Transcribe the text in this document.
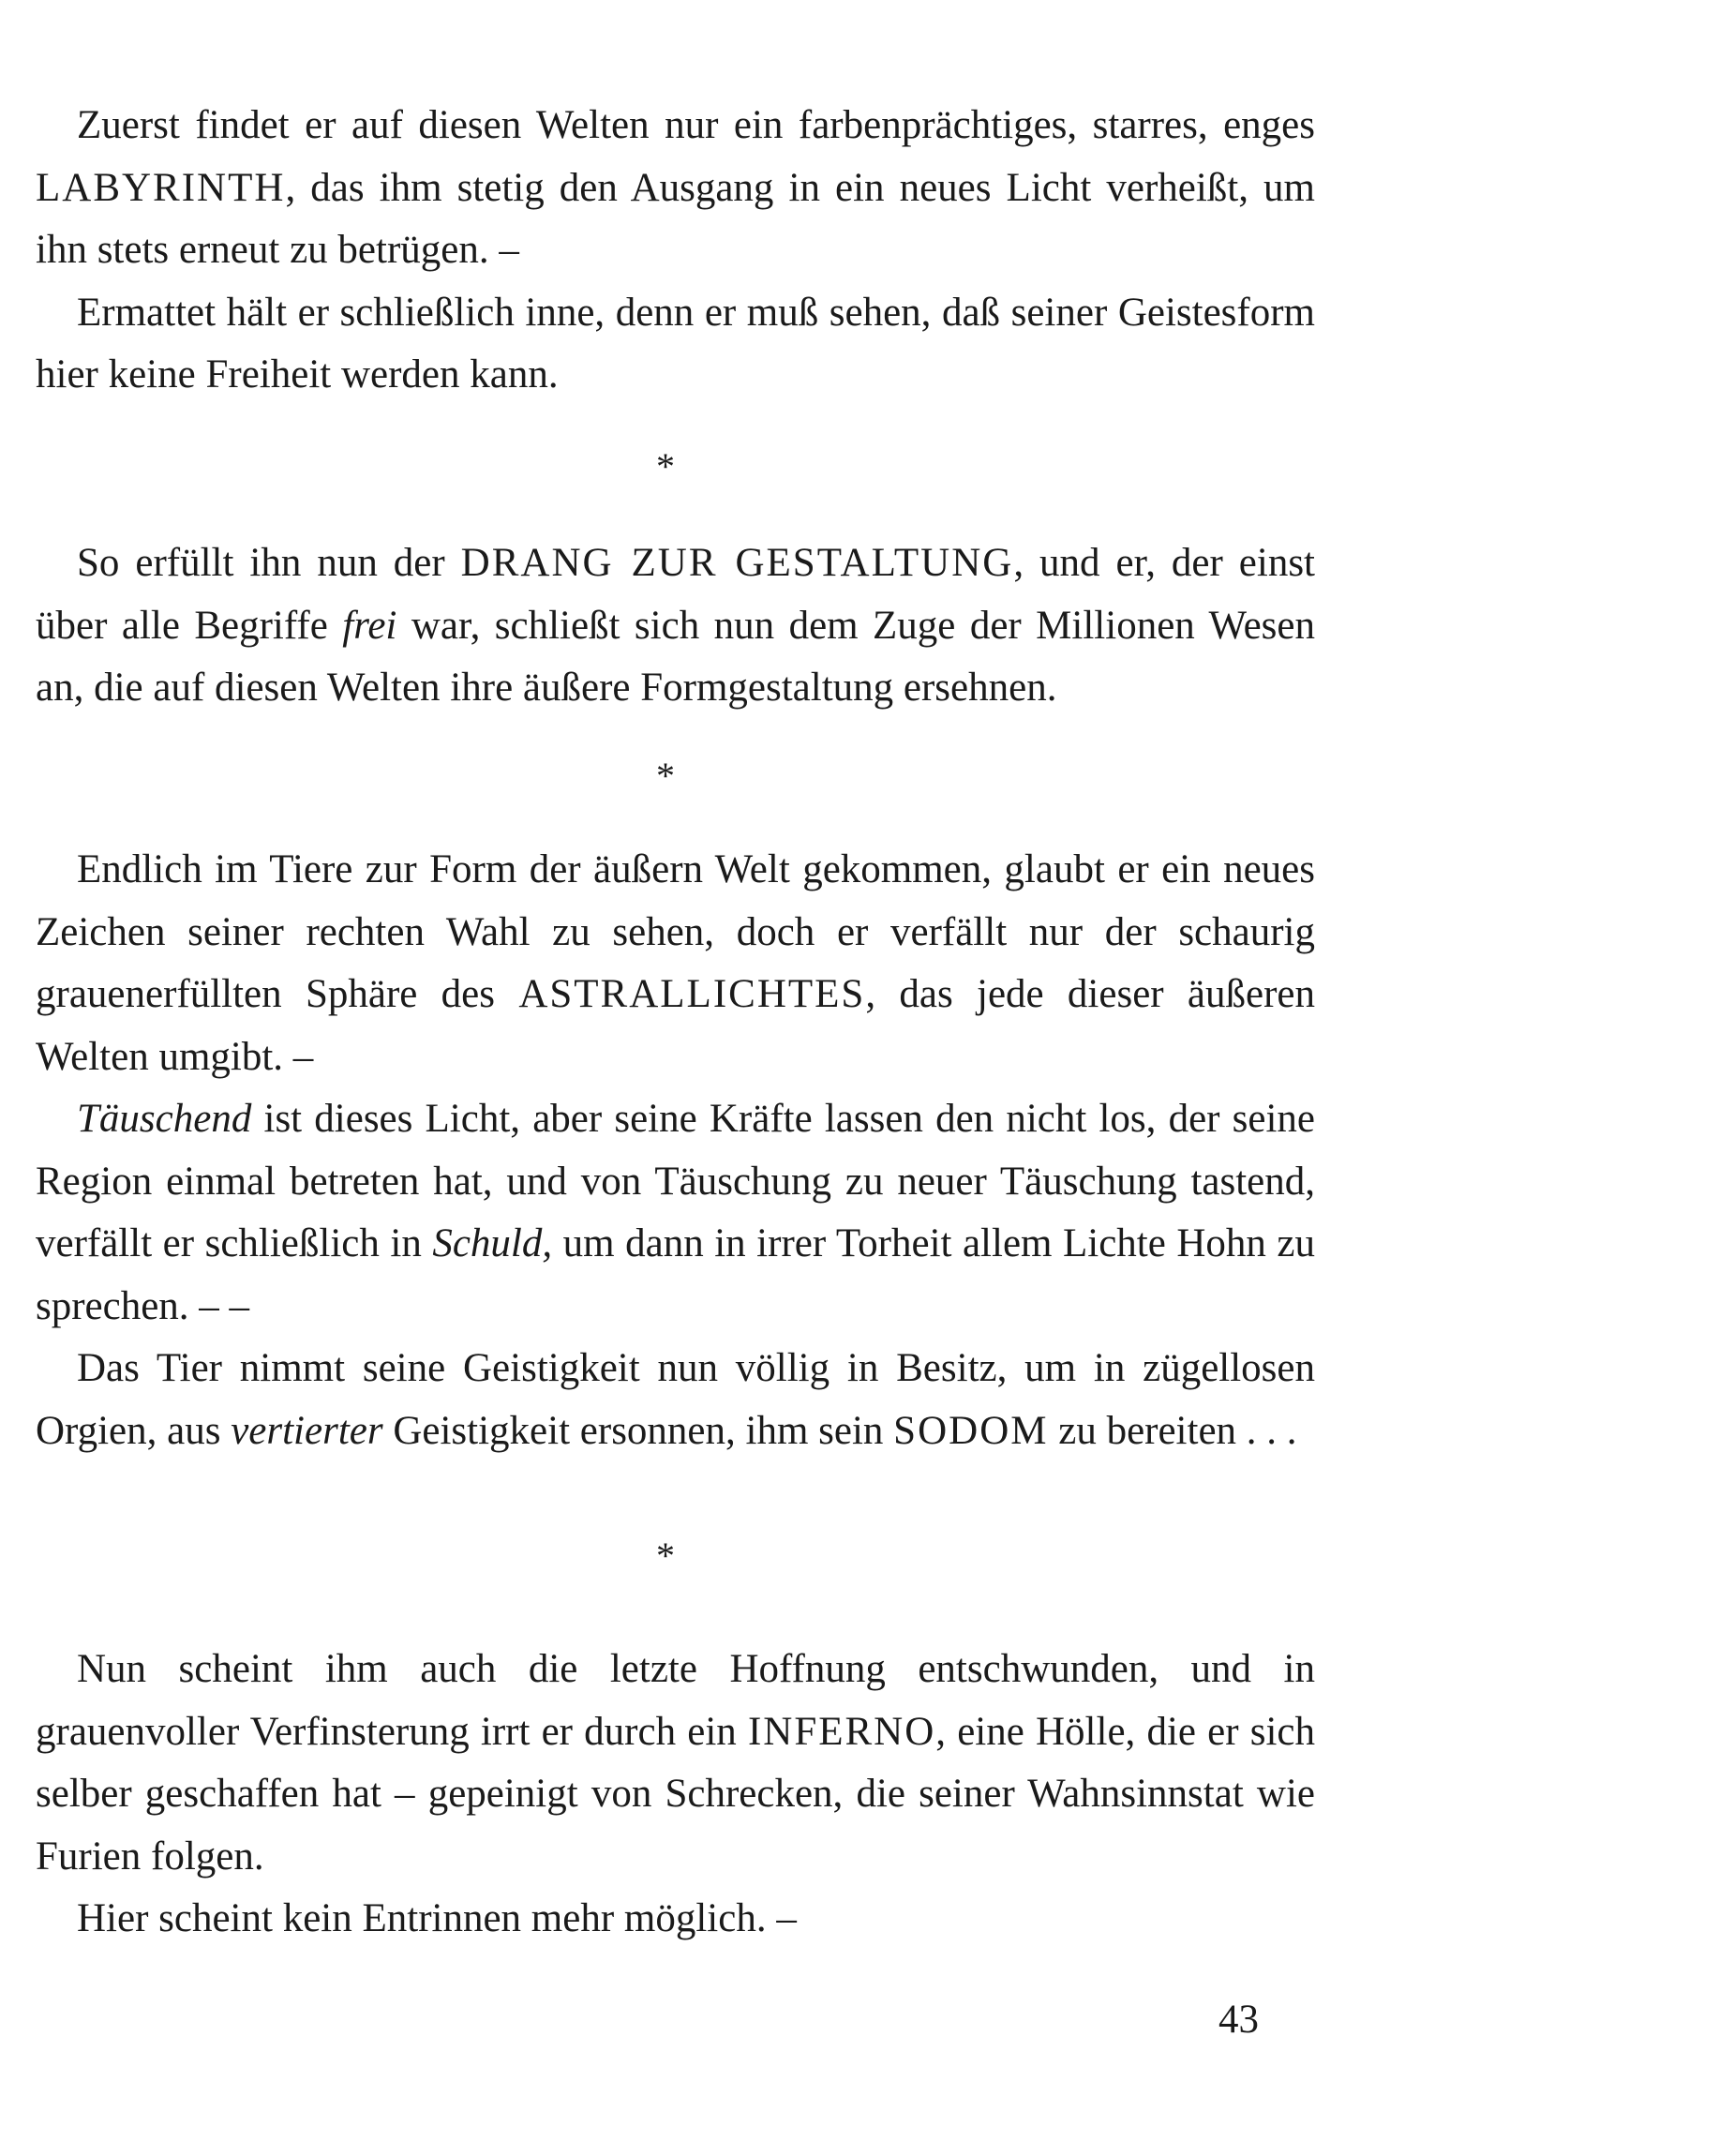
Zuerst findet er auf diesen Welten nur ein farbenprächtiges, starres, enges LABYRINTH, das ihm stetig den Ausgang in ein neues Licht verheißt, um ihn stets erneut zu betrügen. –

Ermattet hält er schließlich inne, denn er muß sehen, daß seiner Geistesform hier keine Freiheit werden kann.

*

So erfüllt ihn nun der DRANG ZUR GESTALTUNG, und er, der einst über alle Begriffe frei war, schließt sich nun dem Zuge der Millionen Wesen an, die auf diesen Welten ihre äußere Formgestaltung ersehnen.

*

Endlich im Tiere zur Form der äußern Welt gekommen, glaubt er ein neues Zeichen seiner rechten Wahl zu sehen, doch er verfällt nur der schaurig grauenerfüllten Sphäre des ASTRALLICHTES, das jede dieser äußeren Welten umgibt. –

Täuschend ist dieses Licht, aber seine Kräfte lassen den nicht los, der seine Region einmal betreten hat, und von Täuschung zu neuer Täuschung tastend, verfällt er schließlich in Schuld, um dann in irrer Torheit allem Lichte Hohn zu sprechen. – –

Das Tier nimmt seine Geistigkeit nun völlig in Besitz, um in zügellosen Orgien, aus vertierter Geistigkeit ersonnen, ihm sein SODOM zu bereiten . . .

*

Nun scheint ihm auch die letzte Hoffnung entschwunden, und in grauenvoller Verfinsterung irrt er durch ein INFERNO, eine Hölle, die er sich selber geschaffen hat – gepeinigt von Schrecken, die seiner Wahnsinnstat wie Furien folgen.

Hier scheint kein Entrinnen mehr möglich. –

43
